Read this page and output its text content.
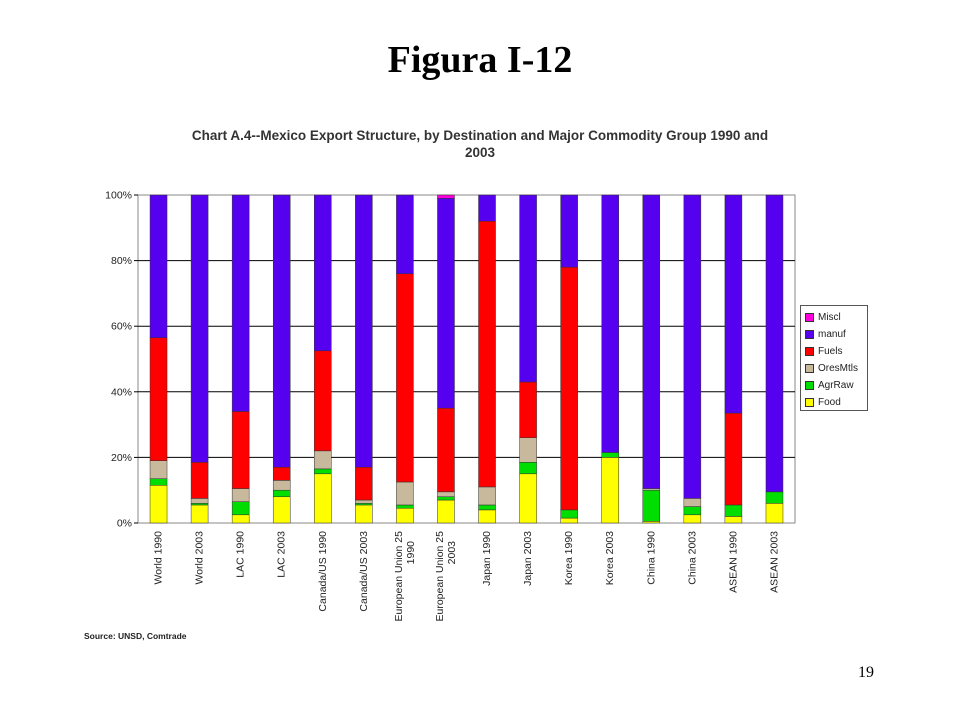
Figura I-12
Chart A.4--Mexico Export Structure, by Destination and Major Commodity Group 1990 and
2003
0%
20%
40%
60%
80%
100%
World 1990	World 2003	LAC 1990	LAC 2003	Canada/US 1990	Canada/US 2003 European Union 251990 European Union 252003 Japan 1990	Japan 2003	Korea 1990	Korea 2003	China 1990	China 2003	ASEAN 1990	ASEAN 2003
Miscl
manuf
Fuels
OresMtls
AgrRaw
Food
Source: UNSD, Comtrade
19
